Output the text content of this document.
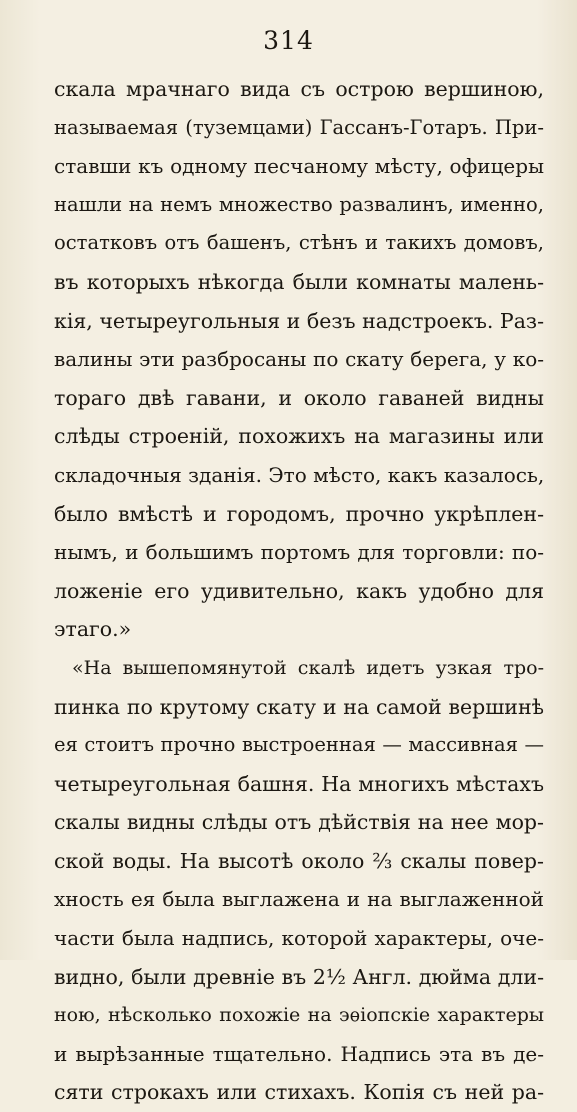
314
скала мрачнаго вида съ острою вершиною,
называемая (туземцами) Гассанъ-Готаръ. При-
ставши къ одному песчаному мѣсту, офицеры
нашли на немъ множество развалинъ, именно,
остатковъ отъ башенъ, стѣнъ и такихъ домовъ,
въ которыхъ нѣкогда были комнаты малень-
кія, четыреугольныя и безъ надстроекъ. Раз-
валины эти разбросаны по скату берега, у ко-
тораго двѣ гавани, и около гаваней видны
слѣды строеній, похожихъ на магазины или
складочныя зданія. Это мѣсто, какъ казалось,
было вмѣстѣ и городомъ, прочно укрѣплен-
нымъ, и большимъ портомъ для торговли: по-
ложеніе его удивительно, какъ удобно для
этаго.»
«На вышепомянутой скалѣ идетъ узкая тро-
пинка по крутому скату и на самой вершинѣ
ея стоитъ прочно выстроенная — массивная —
четыреугольная башня. На многихъ мѣстахъ
скалы видны слѣды отъ дѣйствія на нее мор-
ской воды. На высотѣ около ⅔ скалы повер-
хность ея была выглажена и на выглаженной
части была надпись, которой характеры, оче-
видно, были древніе въ 2½ Англ. дюйма дли-
ною, нѣсколько похожіе на эѳіопскіе характеры
и вырѣзанные тщательно. Надпись эта въ де-
сяти строкахъ или стихахъ. Копія съ ней ра-
